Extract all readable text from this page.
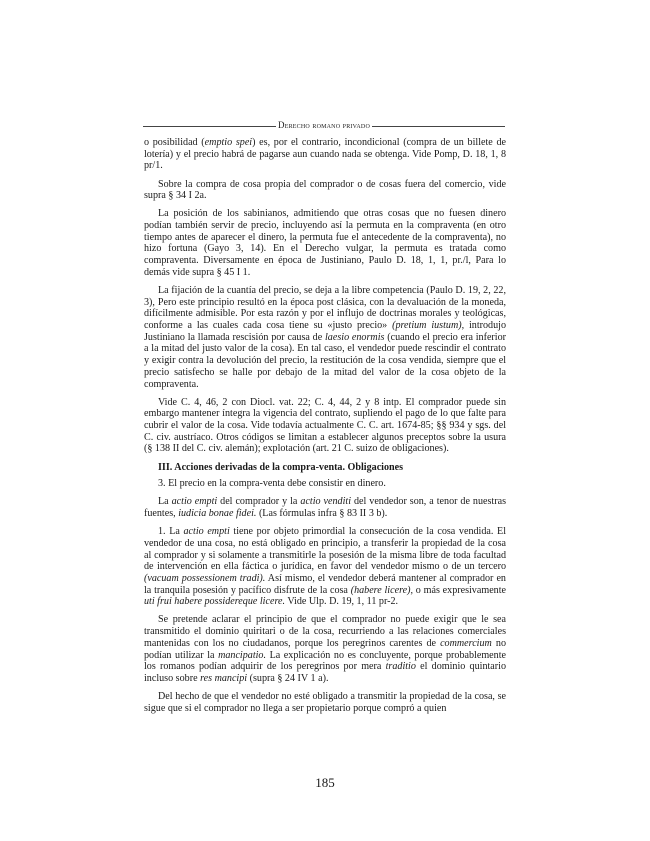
Derecho romano privado

o posibilidad (emptio spei) es, por el contrario, incondicional (compra de un billete de lotería) y el precio habrá de pagarse aun cuando nada se obtenga. Vide Pomp, D. 18, 1, 8 pr/1.

Sobre la compra de cosa propia del comprador o de cosas fuera del comercio, vide supra § 34 I 2a.

La posición de los sabinianos, admitiendo que otras cosas que no fuesen dinero podían también servir de precio, incluyendo así la permuta en la compraventa (en otro tiempo antes de aparecer el dinero, la permuta fue el antecedente de la compraventa), no hizo fortuna (Gayo 3, 14). En el Derecho vulgar, la permuta es tratada como compraventa. Diversamente en época de Justiniano, Paulo D. 18, 1, 1, pr./l, Para lo demás vide supra § 45 I 1.

La fijación de la cuantía del precio, se deja a la libre competencia (Paulo D. 19, 2, 22, 3), Pero este principio resultó en la época post clásica, con la devaluación de la moneda, difícilmente admisible. Por esta razón y por el influjo de doctrinas morales y teológicas, conforme a las cuales cada cosa tiene su «justo precio» (pretium iustum), introdujo Justiniano la llamada rescisión por causa de laesio enormis (cuando el precio era inferior a la mitad del justo valor de la cosa). En tal caso, el vendedor puede rescindir el contrato y exigir contra la devolución del precio, la restitución de la cosa vendida, siempre que el precio satisfecho se halle por debajo de la mitad del valor de la cosa objeto de la compraventa.

Vide C. 4, 46, 2 con Diocl. vat. 22; C. 4, 44, 2 y 8 intp. El comprador puede sin embargo mantener íntegra la vigencia del contrato, supliendo el pago de lo que falte para cubrir el valor de la cosa. Vide todavía actualmente C. C. art. 1674-85; §§ 934 y sgs. del C. civ. austríaco. Otros códigos se limitan a establecer algunos preceptos sobre la usura (§ 138 II del C. civ. alemán); explotación (art. 21 C. suizo de obligaciones).

III. Acciones derivadas de la compra-venta. Obligaciones

3. El precio en la compra-venta debe consistir en dinero.

La actio empti del comprador y la actio venditi del vendedor son, a tenor de nuestras fuentes, iudicia bonae fidei. (Las fórmulas infra § 83 II 3 b).

1. La actio empti tiene por objeto primordial la consecución de la cosa vendida. El vendedor de una cosa, no está obligado en principio, a transferir la propiedad de la cosa al comprador y si solamente a transmitirle la posesión de la misma libre de toda facultad de intervención en ella fáctica o jurídica, en favor del vendedor mismo o de un tercero (vacuam possessionem tradi). Así mismo, el vendedor deberá mantener al comprador en la tranquila posesión y pacífico disfrute de la cosa (habere licere), o más expresivamente uti frui habere possidereque licere. Vide Ulp. D. 19, 1, 11 pr-2.

Se pretende aclarar el principio de que el comprador no puede exigir que le sea transmitido el dominio quiritari o de la cosa, recurriendo a las relaciones comerciales mantenidas con los no ciudadanos, porque los peregrinos carentes de commercium no podían utilizar la mancipatio. La explicación no es concluyente, porque probablemente los romanos podían adquirir de los peregrinos por mera traditio el dominio quintario incluso sobre res mancipi (supra § 24 IV 1 a).

Del hecho de que el vendedor no esté obligado a transmitir la propiedad de la cosa, se sigue que si el comprador no llega a ser propietario porque compró a quien

185
